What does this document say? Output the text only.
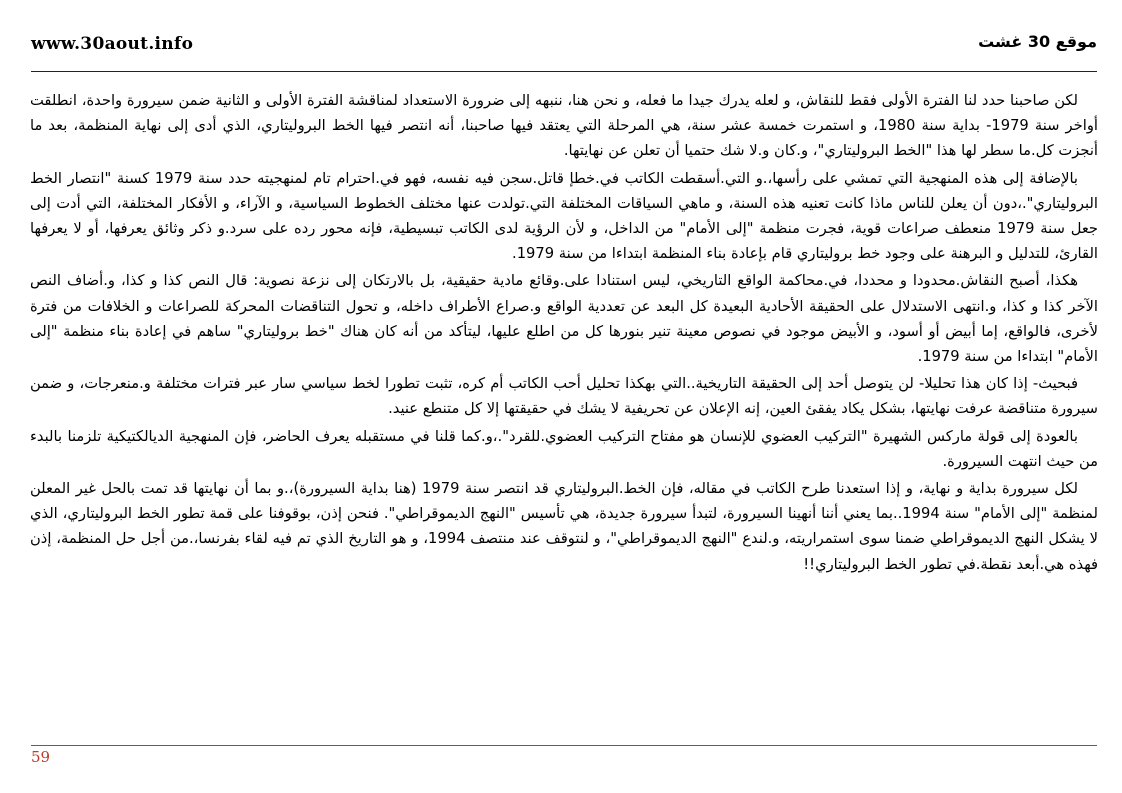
www.30aout.info	موقع 30 غشت

لكن صاحبنا حدد لنا الفترة الأولى فقط للنقاش، و لعله يدرك جيدا ما فعله، و نحن هنا، ننبهه إلى ضرورة الاستعداد لمناقشة الفترة الأولى و الثانية ضمن سيرورة واحدة، انطلقت أواخر سنة 1979- بداية سنة 1980، و استمرت خمسة عشر سنة، هي المرحلة التي يعتقد فيها صاحبنا، أنه انتصر فيها الخط البروليتاري، الذي أدى إلى نهاية المنظمة، بعد ما أنجزت كل.ما سطر لها هذا "الخط البروليتاري"، و.كان و.لا شك حتميا أن تعلن عن نهايتها.

بالإضافة إلى هذه المنهجية التي تمشي على رأسها،.و التي.أسقطت الكاتب في.خطإ قاتل.سجن فيه نفسه، فهو في.احترام تام لمنهجيته حدد سنة 1979 كسنة "انتصار الخط البروليتاري".،دون أن يعلن للناس ماذا كانت تعنيه هذه السنة، و ماهي السياقات المختلفة التي.تولدت عنها مختلف الخطوط السياسية، و الآراء، و الأفكار المختلفة، التي أدت إلى جعل سنة 1979 منعطف صراعات قوية، فجرت منظمة "إلى الأمام" من الداخل، و لأن الرؤية لدى الكاتب تبسيطية، فإنه محور رده على سرد.و ذكر وثائق يعرفها، أو لا يعرفها القارئ، للتدليل و البرهنة على وجود خط بروليتاري قام بإعادة بناء المنظمة ابتداءا من سنة 1979.

هكذا، أصبح النقاش.محدودا و محددا، في.محاكمة الواقع التاريخي، ليس استنادا على.وقائع مادية حقيقية، بل بالارتكان إلى نزعة نصوية: قال النص كذا و كذا، و.أضاف النص الآخر كذا و كذا، و.انتهى الاستدلال على الحقيقة الأحادية البعيدة كل البعد عن تعددية الواقع و.صراع الأطراف داخله، و تحول التناقضات المحركة للصراعات و الخلافات من فترة لأخرى، فالواقع، إما أبيض أو أسود، و الأبيض موجود في نصوص معينة تنير بنورها كل من اطلع عليها، ليتأكد من أنه كان هناك "خط بروليتاري" ساهم في إعادة بناء منظمة "إلى الأمام" ابتداءا من سنة 1979.

فبحيث- إذا كان هذا تحليلا- لن يتوصل أحد إلى الحقيقة التاريخية..التي بهكذا تحليل أحب الكاتب أم كره، تثبت تطورا لخط سياسي سار عبر فترات مختلفة و.منعرجات، و ضمن سيرورة متناقضة عرفت نهايتها، بشكل يكاد يفقئ العين، إنه الإعلان عن تحريفية لا يشك في حقيقتها إلا كل متنطع عنيد.

بالعودة إلى قولة ماركس الشهيرة "التركيب العضوي للإنسان هو مفتاح التركيب العضوي.للقرد".،و.كما قلنا في مستقبله يعرف الحاضر، فإن المنهجية الديالكتيكية تلزمنا بالبدء من حيث انتهت السيرورة.

لكل سيرورة بداية و نهاية، و إذا استعدنا طرح الكاتب في مقاله، فإن الخط.البروليتاري قد انتصر سنة 1979 (هنا بداية السيرورة)،.و بما أن نهايتها قد تمت بالحل غير المعلن لمنظمة "إلى الأمام" سنة 1994..بما يعني أننا أنهينا السيرورة، لتبدأ سيرورة جديدة، هي تأسيس "النهج الديموقراطي". فنحن إذن، بوقوفنا على قمة تطور الخط البروليتاري، الذي لا يشكل النهج الديموقراطي ضمنا سوى استمراريته، و.لندع "النهج الديموقراطي"، و لنتوقف عند منتصف 1994، و هو التاريخ الذي تم فيه لقاء بفرنسا،.من أجل حل المنظمة، إذن فهذه هي.أبعد نقطة.في تطور الخط البروليتاري!!

59
